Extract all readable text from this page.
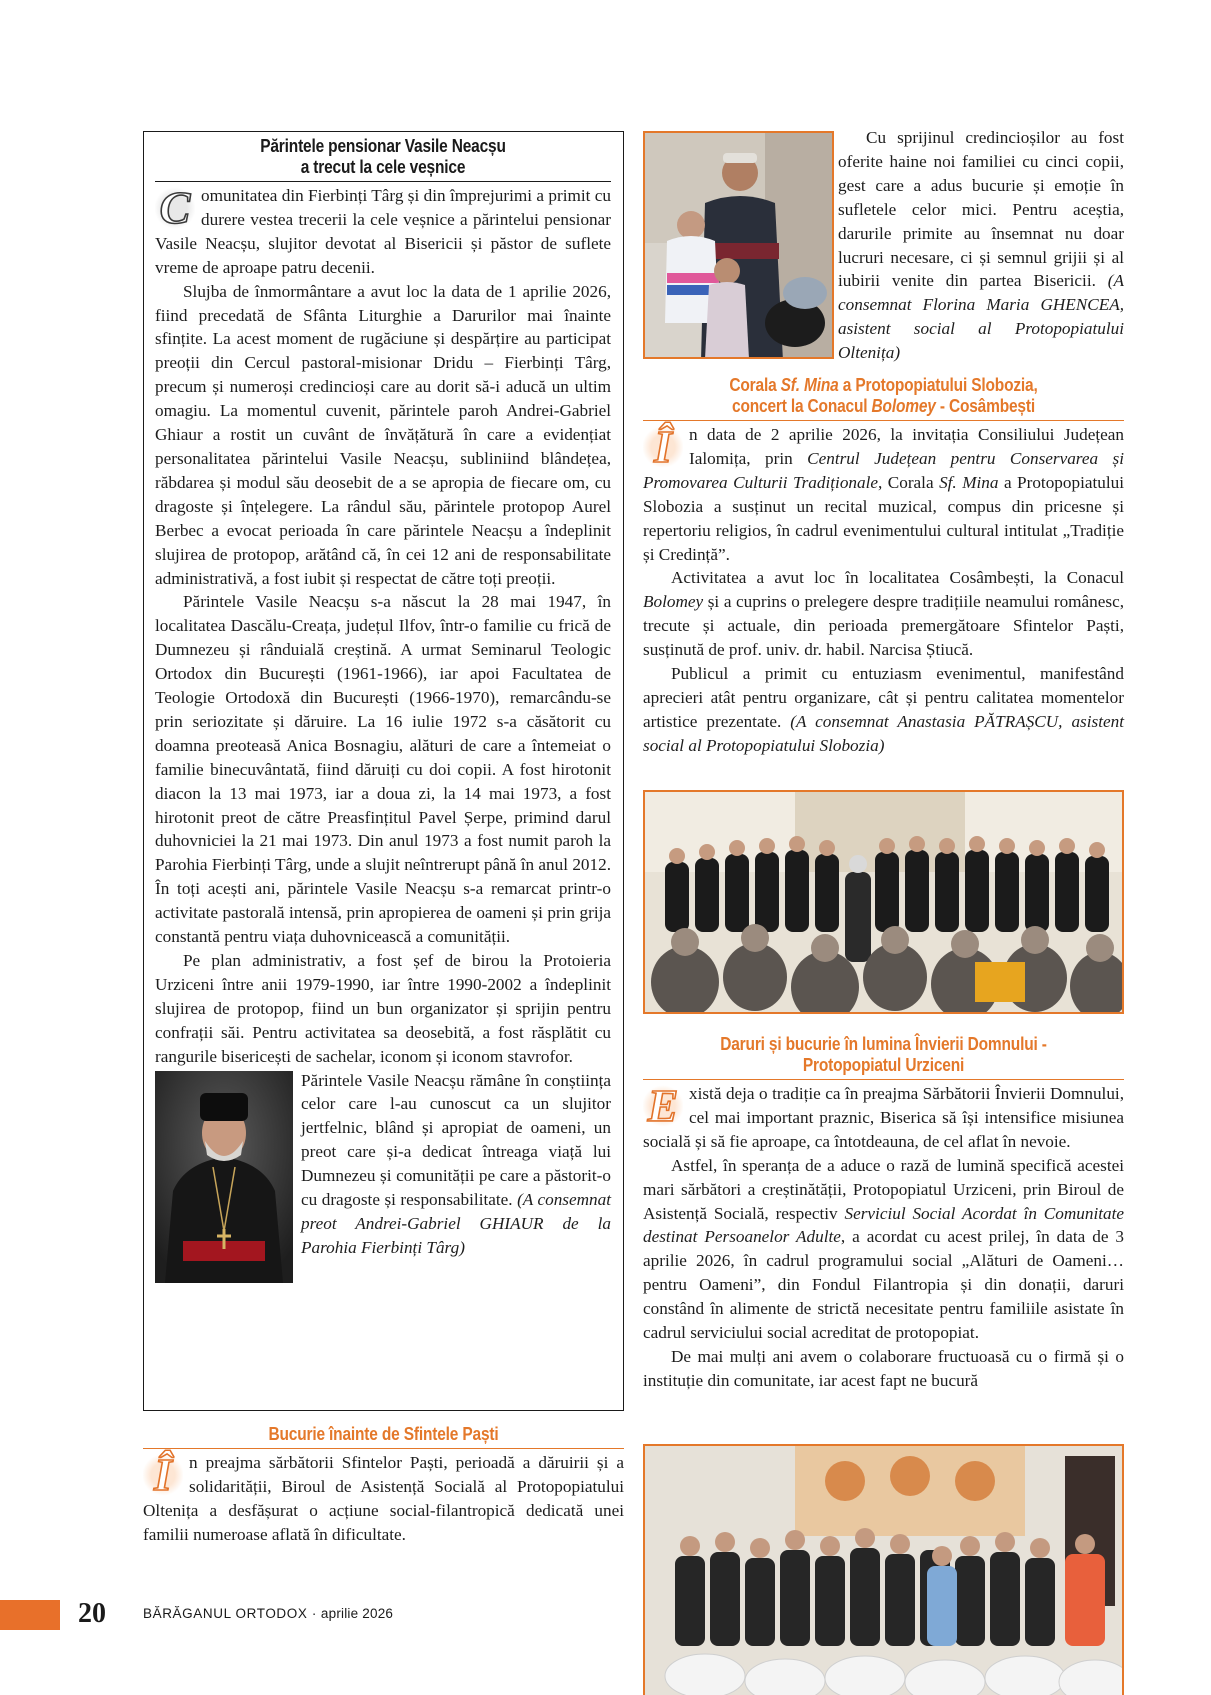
Părintele pensionar Vasile Neacșu
a trecut la cele veșnice

C omunitatea din Fierbinți Târg și din împrejurimi a primit cu durere vestea trecerii la cele veșnice a părintelui pensionar Vasile Neacșu, slujitor devotat al Bisericii și păstor de suflete vreme de aproape patru decenii.

Slujba de înmormântare a avut loc la data de 1 aprilie 2026, fiind precedată de Sfânta Liturghie a Darurilor mai înainte sfințite. La acest moment de rugăciune și despărțire au participat preoții din Cercul pastoral-misionar Dridu – Fierbinți Târg, precum și numeroși credincioși care au dorit să-i aducă un ultim omagiu. La momentul cuvenit, părintele paroh Andrei-Gabriel Ghiaur a rostit un cuvânt de învățătură în care a evidențiat personalitatea părintelui Vasile Neacșu, subliniind blândețea, răbdarea și modul său deosebit de a se apropia de fiecare om, cu dragoste și înțelegere. La rândul său, părintele protopop Aurel Berbec a evocat perioada în care părintele Neacșu a îndeplinit slujirea de protopop, arătând că, în cei 12 ani de responsabilitate administrativă, a fost iubit și respectat de către toți preoții.

Părintele Vasile Neacșu s-a născut la 28 mai 1947, în localitatea Dascălu-Creața, județul Ilfov, într-o familie cu frică de Dumnezeu și rânduială creștină. A urmat Seminarul Teologic Ortodox din București (1961-1966), iar apoi Facultatea de Teologie Ortodoxă din București (1966-1970), remarcându-se prin seriozitate și dăruire. La 16 iulie 1972 s-a căsătorit cu doamna preoteasă Anica Bosnagiu, alături de care a întemeiat o familie binecuvântată, fiind dăruiți cu doi copii. A fost hirotonit diacon la 13 mai 1973, iar a doua zi, la 14 mai 1973, a fost hirotonit preot de către Preasfințitul Pavel Șerpe, primind darul duhovniciei la 21 mai 1973. Din anul 1973 a fost numit paroh la Parohia Fierbinți Târg, unde a slujit neîntrerupt până în anul 2012. În toți acești ani, părintele Vasile Neacșu s-a remarcat printr-o activitate pastorală intensă, prin apropierea de oameni și prin grija constantă pentru viața duhovnicească a comunității.

Pe plan administrativ, a fost șef de birou la Protoieria Urziceni între anii 1979-1990, iar între 1990-2002 a îndeplinit slujirea de protopop, fiind un bun organizator și sprijin pentru confrații săi. Pentru activitatea sa deosebită, a fost răsplătit cu rangurile bisericești de sachelar, iconom și iconom stavrofor.

Părintele Vasile Neacșu rămâne în conștiința celor care l-au cunoscut ca un slujitor jertfelnic, blând și apropiat de oameni, un preot care și-a dedicat întreaga viață lui Dumnezeu și comunității pe care a păstorit-o cu dragoste și responsabilitate. (A consemnat preot Andrei-Gabriel GHIAUR de la Parohia Fierbinți Târg)

Bucurie înainte de Sfintele Paști

Î n preajma sărbătorii Sfintelor Paști, perioadă a dăruirii și a solidarității, Biroul de Asistență Socială al Protopopiatului Oltenița a desfășurat o acțiune social-filantropică dedicată unei familii numeroase aflată în dificultate.

Cu sprijinul credincioșilor au fost oferite haine noi familiei cu cinci copii, gest care a adus bucurie și emoție în sufletele celor mici. Pentru aceștia, darurile primite au însemnat nu doar lucruri necesare, ci și semnul grijii și al iubirii venite din partea Bisericii. (A consemnat Florina Maria GHENCEA, asistent social al Protopopiatului Oltenița)

Corala Sf. Mina a Protopopiatului Slobozia,
concert la Conacul Bolomey - Cosâmbești

Î n data de 2 aprilie 2026, la invitația Consiliului Județean Ialomița, prin Centrul Județean pentru Conservarea și Promovarea Culturii Tradiționale, Corala Sf. Mina a Protopopiatului Slobozia a susținut un recital muzical, compus din pricesne și repertoriu religios, în cadrul evenimentului cultural intitulat „Tradiție și Credință”.

Activitatea a avut loc în localitatea Cosâmbești, la Conacul Bolomey și a cuprins o prelegere despre tradițiile neamului românesc, trecute și actuale, din perioada premergătoare Sfintelor Paști, susținută de prof. univ. dr. habil. Narcisa Știucă.

Publicul a primit cu entuziasm evenimentul, manifestând aprecieri atât pentru organizare, cât și pentru calitatea momentelor artistice prezentate. (A consemnat Anastasia PĂTRAȘCU, asistent social al Protopopiatului Slobozia)

Daruri și bucurie în lumina Învierii Domnului -
Protopopiatul Urziceni

E xistă deja o tradiție ca în preajma Sărbătorii Învierii Domnului, cel mai important praznic, Biserica să își intensifice misiunea socială și să fie aproape, ca întotdeauna, de cel aflat în nevoie.

Astfel, în speranța de a aduce o rază de lumină specifică acestei mari sărbători a creștinătății, Protopopiatul Urziceni, prin Biroul de Asistență Socială, respectiv Serviciul Social Acordat în Comunitate destinat Persoanelor Adulte, a acordat cu acest prilej, în data de 3 aprilie 2026, în cadrul programului social „Alături de Oameni… pentru Oameni”, din Fondul Filantropia și din donații, daruri constând în alimente de strictă necesitate pentru familiile asistate în cadrul serviciului social acreditat de protopopiat.

De mai mulți ani avem o colaborare fructuoasă cu o firmă și o instituție din comunitate, iar acest fapt ne bucură

20	BĂRĂGANUL ORTODOX · aprilie 2026
